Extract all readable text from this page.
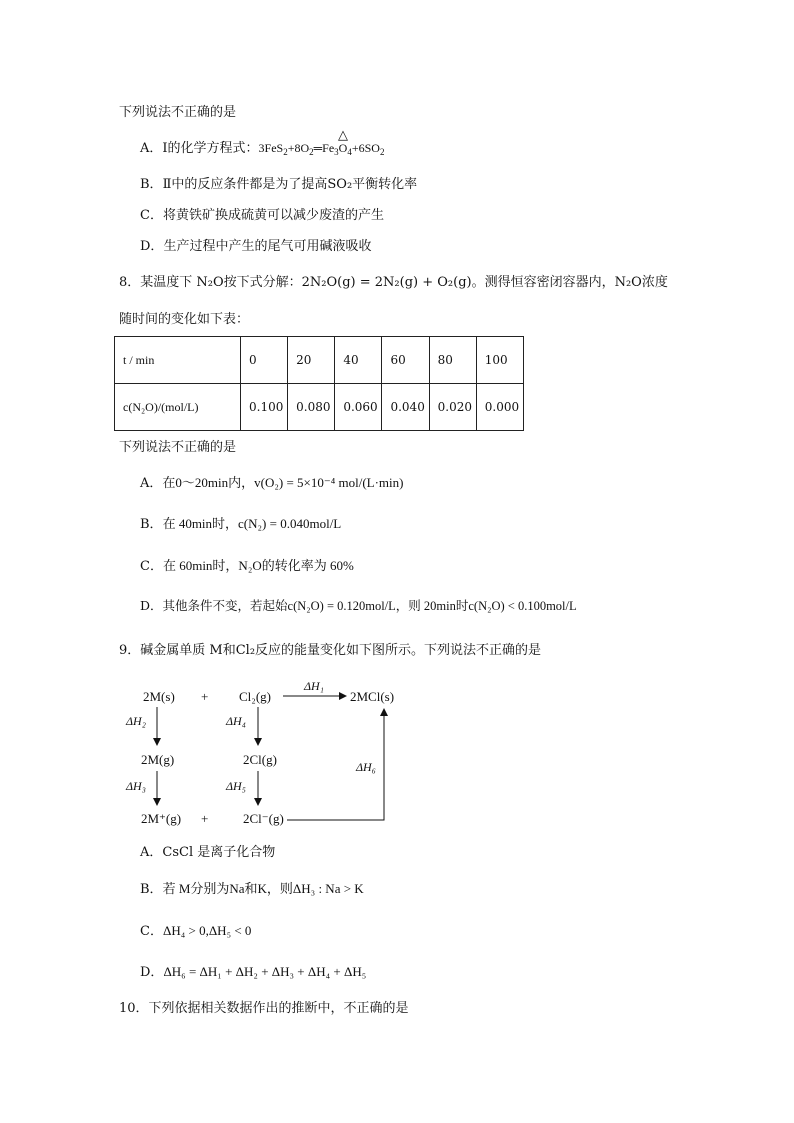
下列说法不正确的是
A．Ⅰ的化学方程式：$3FeS_2+8O_2═Fe_3O_4+6SO_2$
△
B．Ⅱ中的反应条件都是为了提高SO₂平衡转化率
C．将黄铁矿换成硫黄可以减少废渣的产生
D．生产过程中产生的尾气可用碱液吸收
8．某温度下 N₂O按下式分解：2N₂O(g) = 2N₂(g) + O₂(g)。测得恒容密闭容器内，N₂O浓度
随时间的变化如下表：
t / min	0	20	40	60	80	100
c(N₂O)/(mol/L)	0.100	0.080	0.060	0.040	0.020	0.000
下列说法不正确的是
A．在0～20min内，v(O₂) = 5×10⁻⁴ mol/(L·min)
B．在 40min时，c(N₂) = 0.040mol/L
C．在 60min时，N₂O的转化率为 60%
D．其他条件不变，若起始c(N₂O) = 0.120mol/L，则 20min时c(N₂O) < 0.100mol/L
9．碱金属单质 M和Cl₂反应的能量变化如下图所示。下列说法不正确的是
2M(s) + Cl₂(g)	2MCl(s)
2M(g)	2Cl(g)
2M⁺(g) +	2Cl⁻(g)
ΔH₁
ΔH₂
ΔH₃
ΔH₄
ΔH₅
ΔH₆
A．CsCl 是离子化合物
B．若 M分别为Na和K，则ΔH₃ : Na > K
C．ΔH₄ > 0,ΔH₅ < 0
D．ΔH₆ = ΔH₁ + ΔH₂ + ΔH₃ + ΔH₄ + ΔH₅
10．下列依据相关数据作出的推断中，不正确的是
